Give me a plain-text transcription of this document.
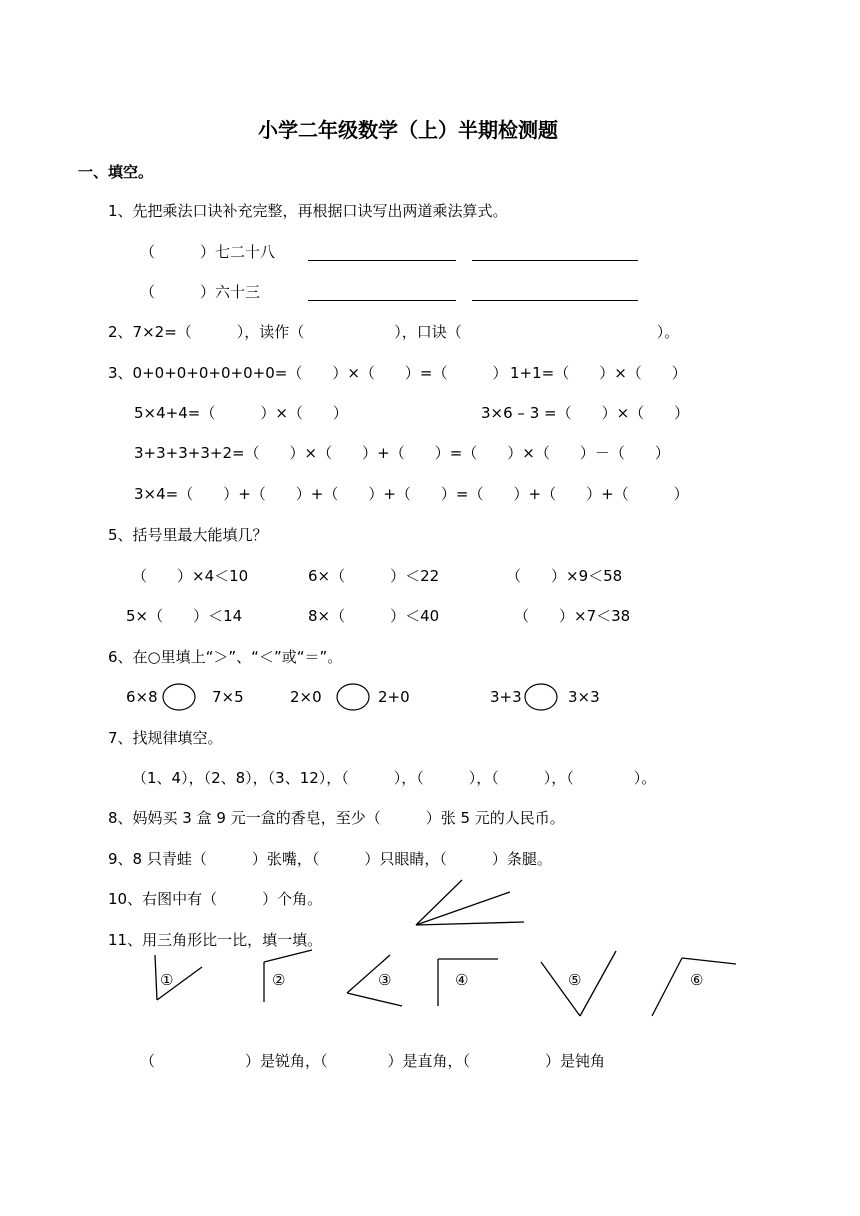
小学二年级数学（上）半期检测题
一、填空。
1、先把乘法口诀补充完整，再根据口诀写出两道乘法算式。
（　　　）七二十八
（　　　）六十三
2、7×2=（　　　），读作（　　　　　　），口诀（　　　　　　　　　　　　　）。
3、0+0+0+0+0+0+0=（　　）×（　　）=（　　　） 1+1=（　　）×（　　）
5×4+4=（　　　）×（　　）	3×6 – 3 =（　　）×（　　）
3+3+3+3+2=（　　）×（　　）+（　　）=（　　）×（　　）－（　　）
3×4=（　　）+（　　）+（　　）+（　　）=（　　）+（　　）+（　　　）
5、括号里最大能填几？
（　　）×4＜10	6×（　　　）＜22	（　　）×9＜58
5×（　　）＜14	8×（　　　）＜40	（　　）×7＜38
6、在○里填上“＞”、“＜”或“＝”。
6×8	7×5	2×0	2+0	3+3	3×3
7、找规律填空。
（1、4），（2、8），（3、12），（　　　），（　　　），（　　　），（　　　　）。
8、妈妈买 3 盒 9 元一盒的香皂，至少（　　　）张 5 元的人民币。
9、8 只青蛙（　　　）张嘴，（　　　）只眼睛，（　　　）条腿。
10、右图中有（　　　）个角。
11、用三角形比一比，填一填。
①	②	③	④	⑤	⑥
（　　　　　　）是锐角，（　　　　）是直角，（　　　　　）是钝角
